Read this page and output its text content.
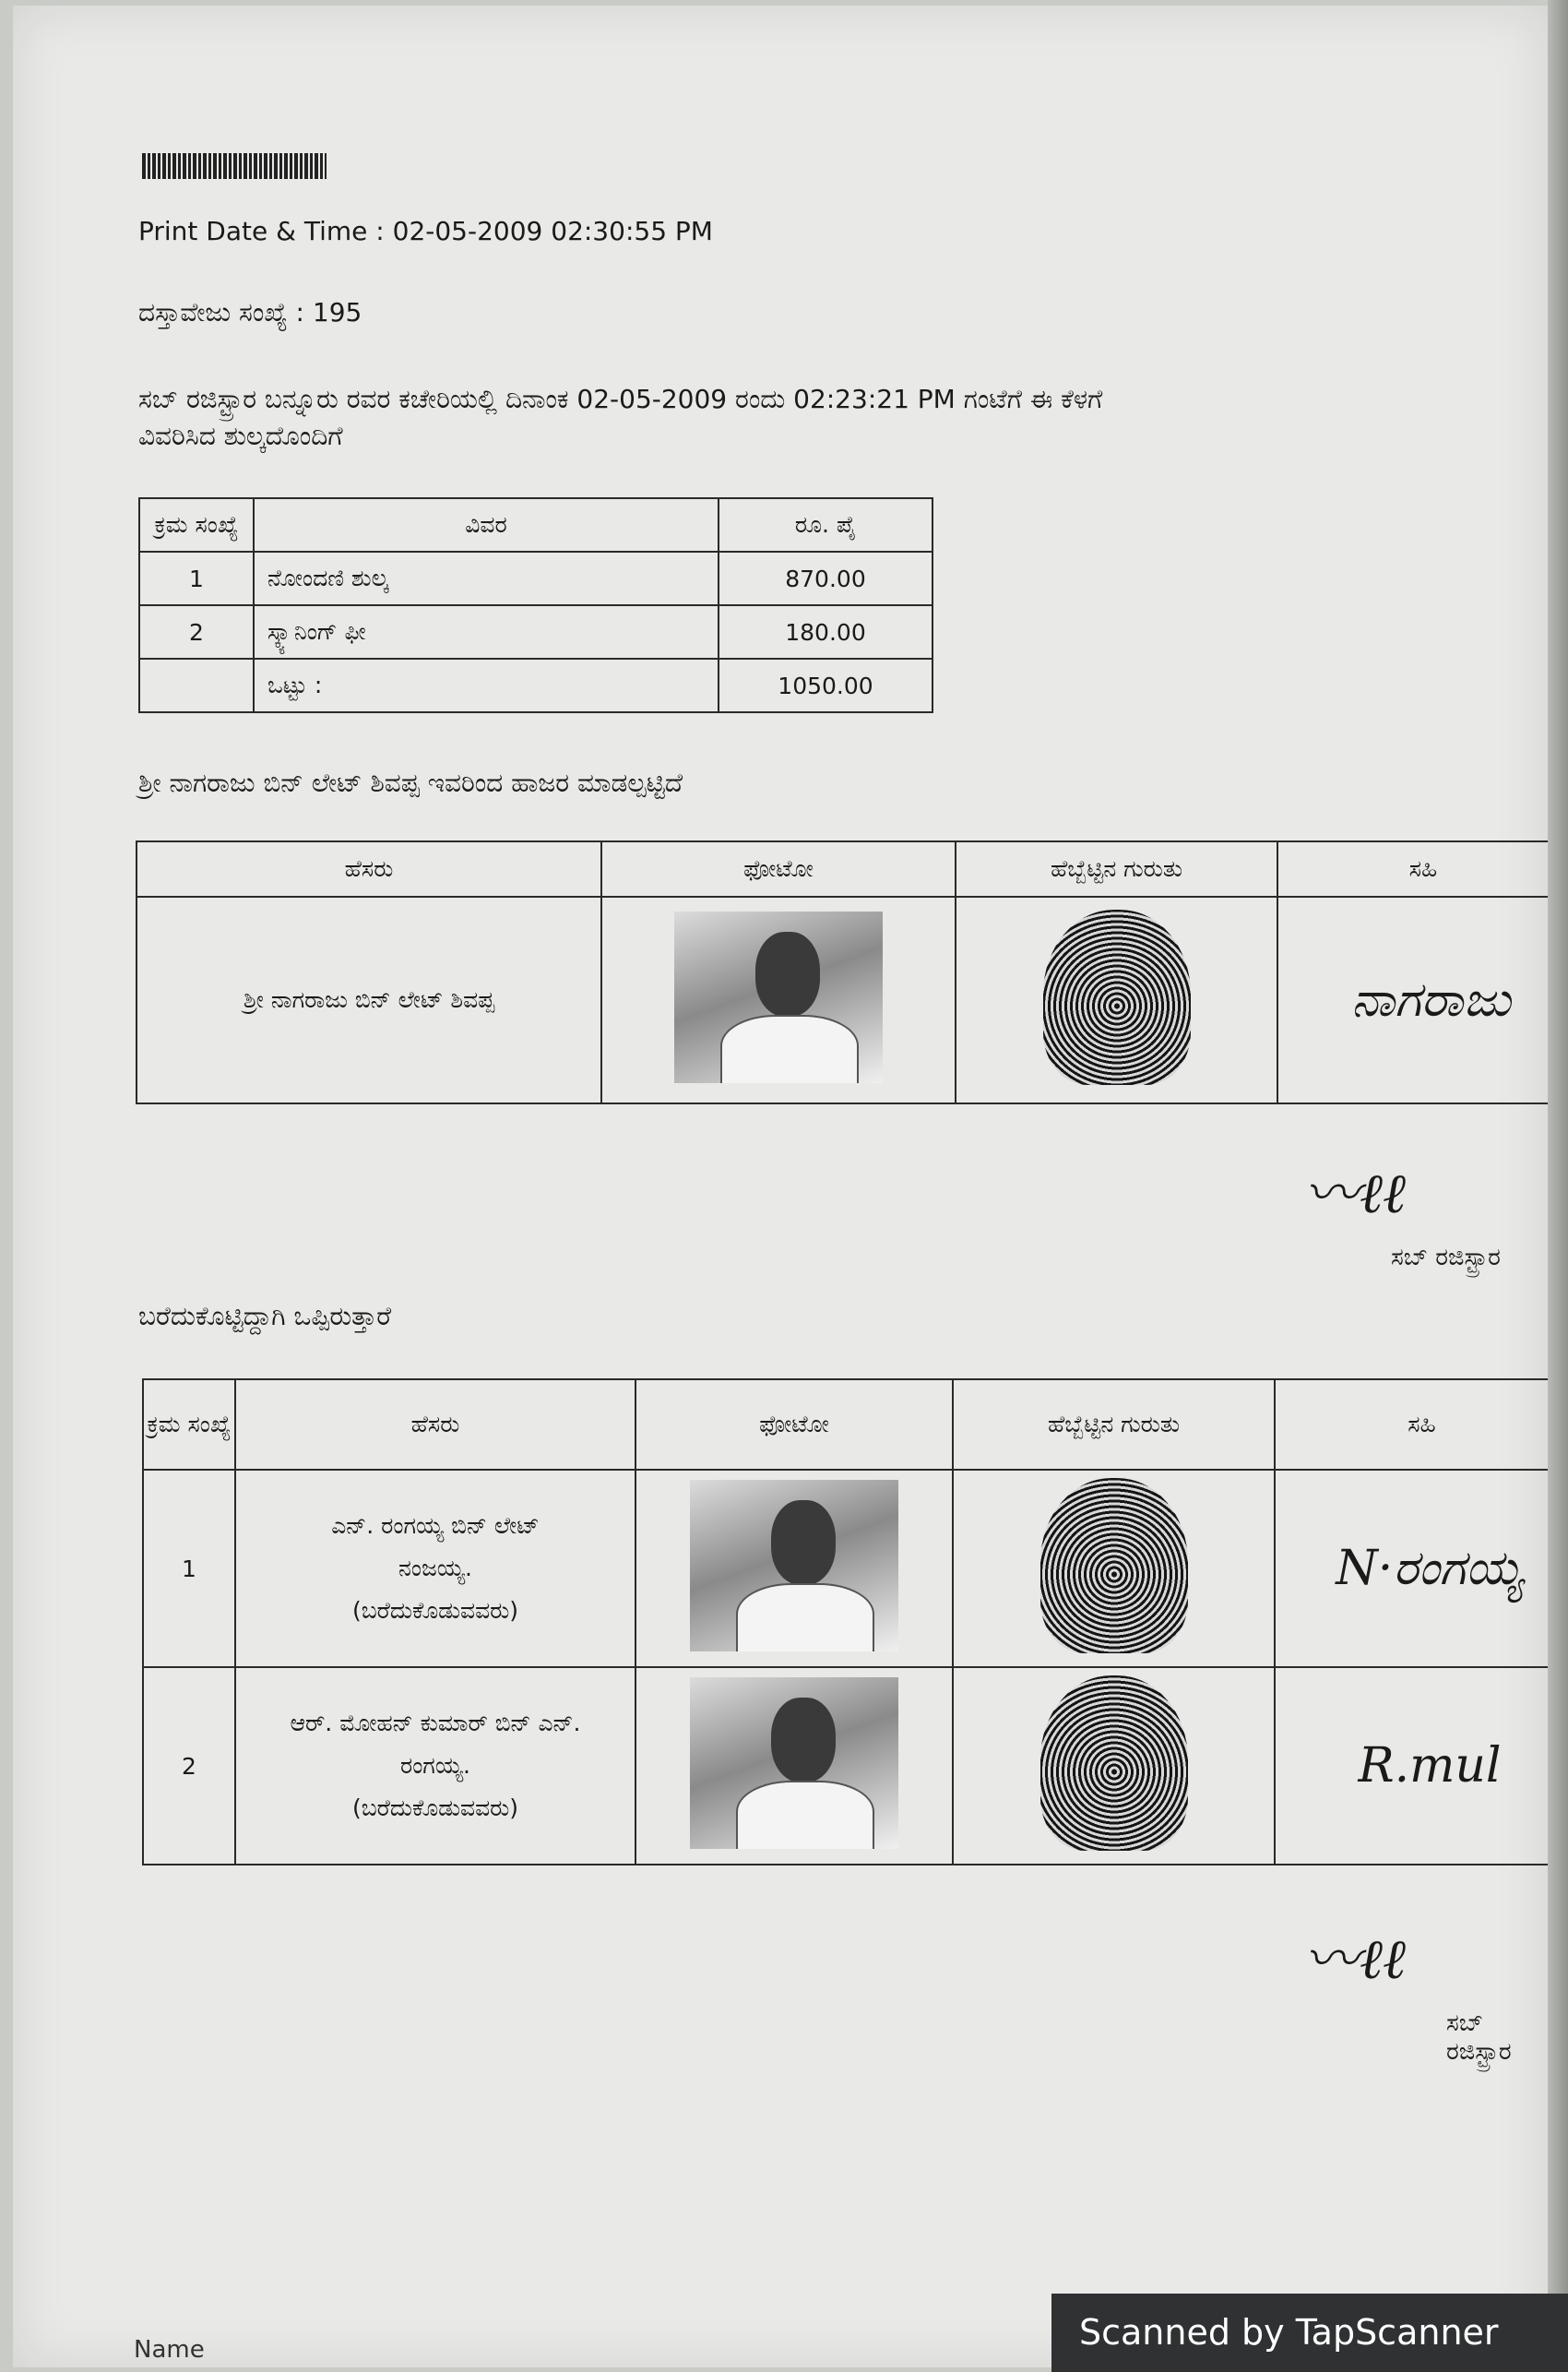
Print Date & Time : 02-05-2009 02:30:55 PM
ದಸ್ತಾವೇಜು ಸಂಖ್ಯೆ : 195
ಸಬ್ ರಜಿಸ್ಟ್ರಾರ ಬನ್ನೂರು ರವರ ಕಚೇರಿಯಲ್ಲಿ ದಿನಾಂಕ 02-05-2009 ರಂದು 02:23:21 PM ಗಂಟೆಗೆ ಈ ಕೆಳಗೆ
ವಿವರಿಸಿದ ಶುಲ್ಕದೊಂದಿಗೆ
ಕ್ರಮ ಸಂಖ್ಯೆ	ವಿವರ	ರೂ. ಪೈ
1	ನೋಂದಣಿ ಶುಲ್ಕ	870.00
2	ಸ್ಕ್ಯಾನಿಂಗ್ ಫೀ	180.00
	ಒಟ್ಟು :	1050.00
ಶ್ರೀ ನಾಗರಾಜು ಬಿನ್ ಲೇಟ್ ಶಿವಪ್ಪ ಇವರಿಂದ ಹಾಜರ ಮಾಡಲ್ಪಟ್ಟಿದೆ
ಹೆಸರು	ಫೋಟೋ	ಹೆಬ್ಬೆಟ್ಟಿನ ಗುರುತು	ಸಹಿ
ಶ್ರೀ ನಾಗರಾಜು ಬಿನ್ ಲೇಟ್ ಶಿವಪ್ಪ			ನಾಗರಾಜು
〰ℓℓ
ಸಬ್ ರಜಿಸ್ಟ್ರಾರ
ಬರೆದುಕೊಟ್ಟಿದ್ದಾಗಿ ಒಪ್ಪಿರುತ್ತಾರೆ
ಕ್ರಮ ಸಂಖ್ಯೆ	ಹೆಸರು	ಫೋಟೋ	ಹೆಬ್ಬೆಟ್ಟಿನ ಗುರುತು	ಸಹಿ
1	ಎನ್. ರಂಗಯ್ಯ ಬಿನ್ ಲೇಟ್
ನಂಜಯ್ಯ.
(ಬರೆದುಕೊಡುವವರು)			N·ರಂಗಯ್ಯ
2	ಆರ್. ಮೋಹನ್ ಕುಮಾರ್ ಬಿನ್ ಎನ್.
ರಂಗಯ್ಯ.
(ಬರೆದುಕೊಡುವವರು)			R.mul
〰ℓℓ
ಸಬ್ ರಜಿಸ್ಟ್ರಾರ
Name	Scanned by TapScanner
